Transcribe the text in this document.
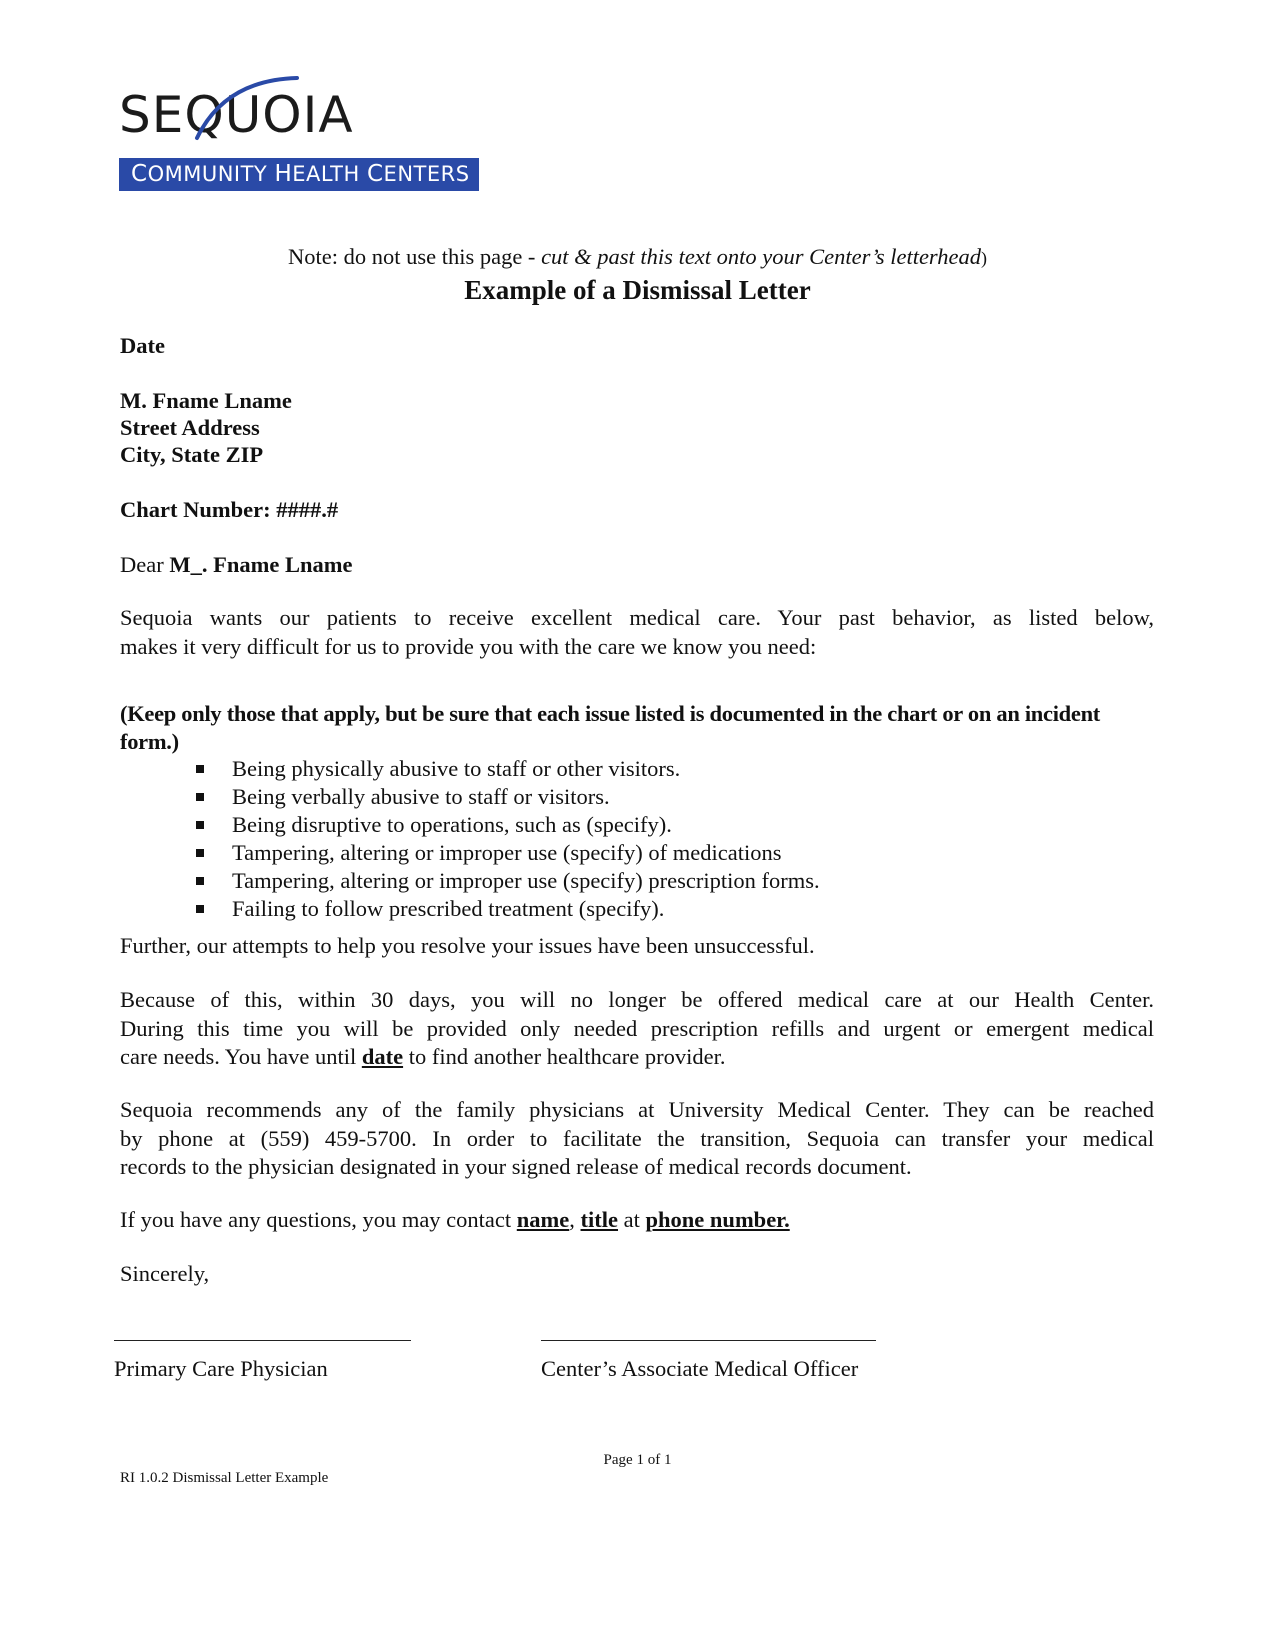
SEQUOIA
COMMUNITY HEALTH CENTERS
Note: do not use this page - cut & past this text onto your Center’s letterhead)
Example of a Dismissal Letter
Date
M. Fname Lname
Street Address
City, State ZIP
Chart Number: ####.#
Dear M_. Fname Lname
Sequoia wants our patients to receive excellent medical care. Your past behavior, as listed below,
makes it very difficult for us to provide you with the care we know you need:
(Keep only those that apply, but be sure that each issue listed is documented in the chart or on an incident form.)
Being physically abusive to staff or other visitors.
Being verbally abusive to staff or visitors.
Being disruptive to operations, such as (specify).
Tampering, altering or improper use (specify) of medications
Tampering, altering or improper use (specify) prescription forms.
Failing to follow prescribed treatment (specify).
Further, our attempts to help you resolve your issues have been unsuccessful.
Because of this, within 30 days, you will no longer be offered medical care at our Health Center.
During this time you will be provided only needed prescription refills and urgent or emergent medical
care needs. You have until date to find another healthcare provider.
Sequoia recommends any of the family physicians at University Medical Center. They can be reached
by phone at (559) 459-5700. In order to facilitate the transition, Sequoia can transfer your medical
records to the physician designated in your signed release of medical records document.
If you have any questions, you may contact name, title at phone number.
Sincerely,
Primary Care Physician	Center’s Associate Medical Officer
Page 1 of 1
RI 1.0.2 Dismissal Letter Example
